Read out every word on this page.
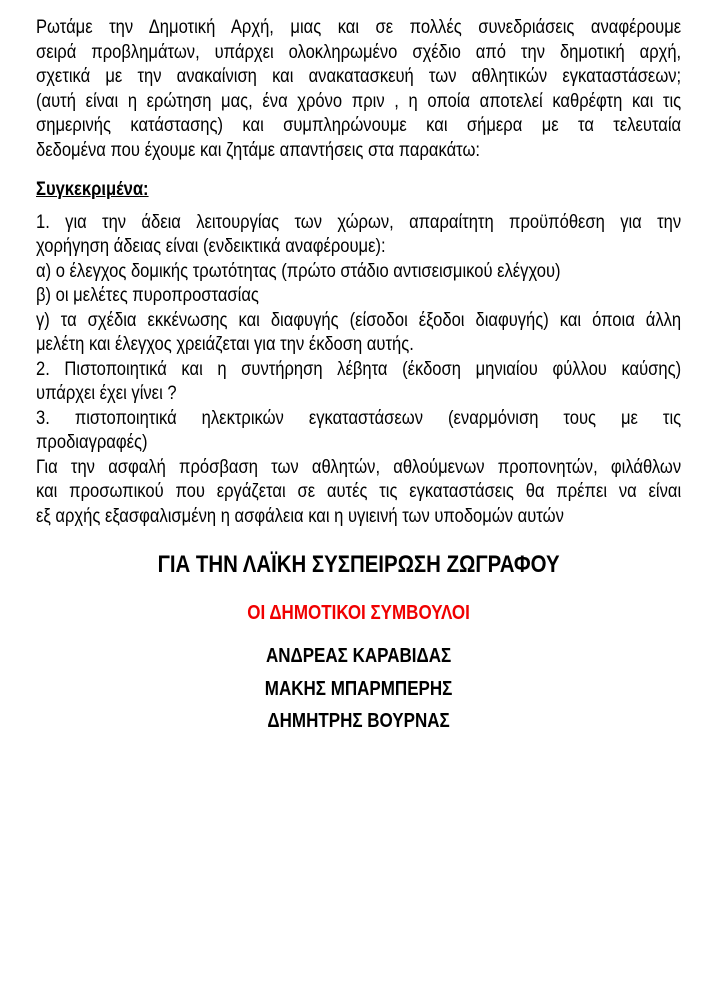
Ρωτάμε την Δημοτική Αρχή, μιας και σε πολλές συνεδριάσεις αναφέρουμε
σειρά προβλημάτων, υπάρχει ολοκληρωμένο σχέδιο από την δημοτική αρχή,
σχετικά με την ανακαίνιση και ανακατασκευή των αθλητικών εγκαταστάσεων;
(αυτή είναι η ερώτηση μας, ένα χρόνο πριν , η οποία αποτελεί καθρέφτη και τις
σημερινής κατάστασης) και συμπληρώνουμε και σήμερα με τα τελευταία
δεδομένα που έχουμε και ζητάμε απαντήσεις στα παρακάτω:
Συγκεκριμένα:
1. για την άδεια λειτουργίας των χώρων, απαραίτητη προϋπόθεση για την
χορήγηση άδειας είναι (ενδεικτικά αναφέρουμε):
α) ο έλεγχος δομικής τρωτότητας (πρώτο στάδιο αντισεισμικού ελέγχου)
β) οι μελέτες πυροπροστασίας
γ) τα σχέδια εκκένωσης και διαφυγής (είσοδοι έξοδοι διαφυγής) και όποια άλλη
μελέτη και έλεγχος χρειάζεται για την έκδοση αυτής.
2. Πιστοποιητικά και η συντήρηση λέβητα (έκδοση μηνιαίου φύλλου καύσης)
υπάρχει έχει γίνει ?
3. πιστοποιητικά ηλεκτρικών εγκαταστάσεων (εναρμόνιση τους με τις
προδιαγραφές)
Για την ασφαλή πρόσβαση των αθλητών, αθλούμενων προπονητών, φιλάθλων
και προσωπικού που εργάζεται σε αυτές τις εγκαταστάσεις θα πρέπει να είναι
εξ αρχής εξασφαλισμένη η ασφάλεια και η υγιεινή των υποδομών αυτών
ΓΙΑ ΤΗΝ ΛΑΪΚΗ ΣΥΣΠΕΙΡΩΣΗ ΖΩΓΡΑΦΟΥ
ΟΙ ΔΗΜΟΤΙΚΟΙ ΣΥΜΒΟΥΛΟΙ
ΑΝΔΡΕΑΣ ΚΑΡΑΒΙΔΑΣ
ΜΑΚΗΣ ΜΠΑΡΜΠΕΡΗΣ
ΔΗΜΗΤΡΗΣ ΒΟΥΡΝΑΣ
